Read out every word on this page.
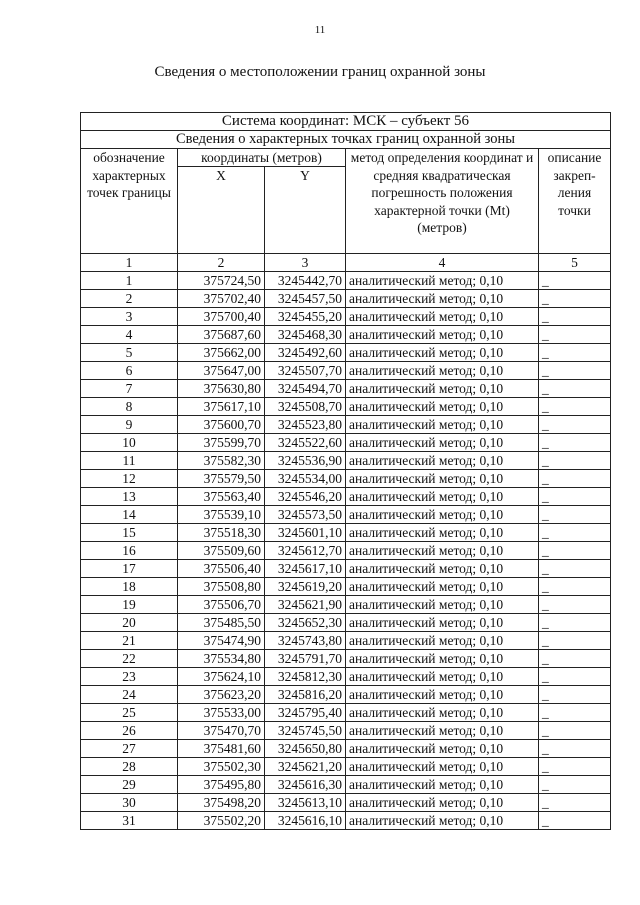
11
Сведения о местоположении границ охранной зоны
Система координат: МСК – субъект 56				
Сведения о характерных точках границ охранной зоны				
обозначение характерных точек границы	координаты (метров)		метод определения координат и средняя квадратическая погрешность положения характерной точки (Mt) (метров)	описание закреп-ления точки
	X	Y		
1	2	3	4	5
1	375724,50	3245442,70	аналитический метод; 0,10	_
2	375702,40	3245457,50	аналитический метод; 0,10	_
3	375700,40	3245455,20	аналитический метод; 0,10	_
4	375687,60	3245468,30	аналитический метод; 0,10	_
5	375662,00	3245492,60	аналитический метод; 0,10	_
6	375647,00	3245507,70	аналитический метод; 0,10	_
7	375630,80	3245494,70	аналитический метод; 0,10	_
8	375617,10	3245508,70	аналитический метод; 0,10	_
9	375600,70	3245523,80	аналитический метод; 0,10	_
10	375599,70	3245522,60	аналитический метод; 0,10	_
11	375582,30	3245536,90	аналитический метод; 0,10	_
12	375579,50	3245534,00	аналитический метод; 0,10	_
13	375563,40	3245546,20	аналитический метод; 0,10	_
14	375539,10	3245573,50	аналитический метод; 0,10	_
15	375518,30	3245601,10	аналитический метод; 0,10	_
16	375509,60	3245612,70	аналитический метод; 0,10	_
17	375506,40	3245617,10	аналитический метод; 0,10	_
18	375508,80	3245619,20	аналитический метод; 0,10	_
19	375506,70	3245621,90	аналитический метод; 0,10	_
20	375485,50	3245652,30	аналитический метод; 0,10	_
21	375474,90	3245743,80	аналитический метод; 0,10	_
22	375534,80	3245791,70	аналитический метод; 0,10	_
23	375624,10	3245812,30	аналитический метод; 0,10	_
24	375623,20	3245816,20	аналитический метод; 0,10	_
25	375533,00	3245795,40	аналитический метод; 0,10	_
26	375470,70	3245745,50	аналитический метод; 0,10	_
27	375481,60	3245650,80	аналитический метод; 0,10	_
28	375502,30	3245621,20	аналитический метод; 0,10	_
29	375495,80	3245616,30	аналитический метод; 0,10	_
30	375498,20	3245613,10	аналитический метод; 0,10	_
31	375502,20	3245616,10	аналитический метод; 0,10	_
